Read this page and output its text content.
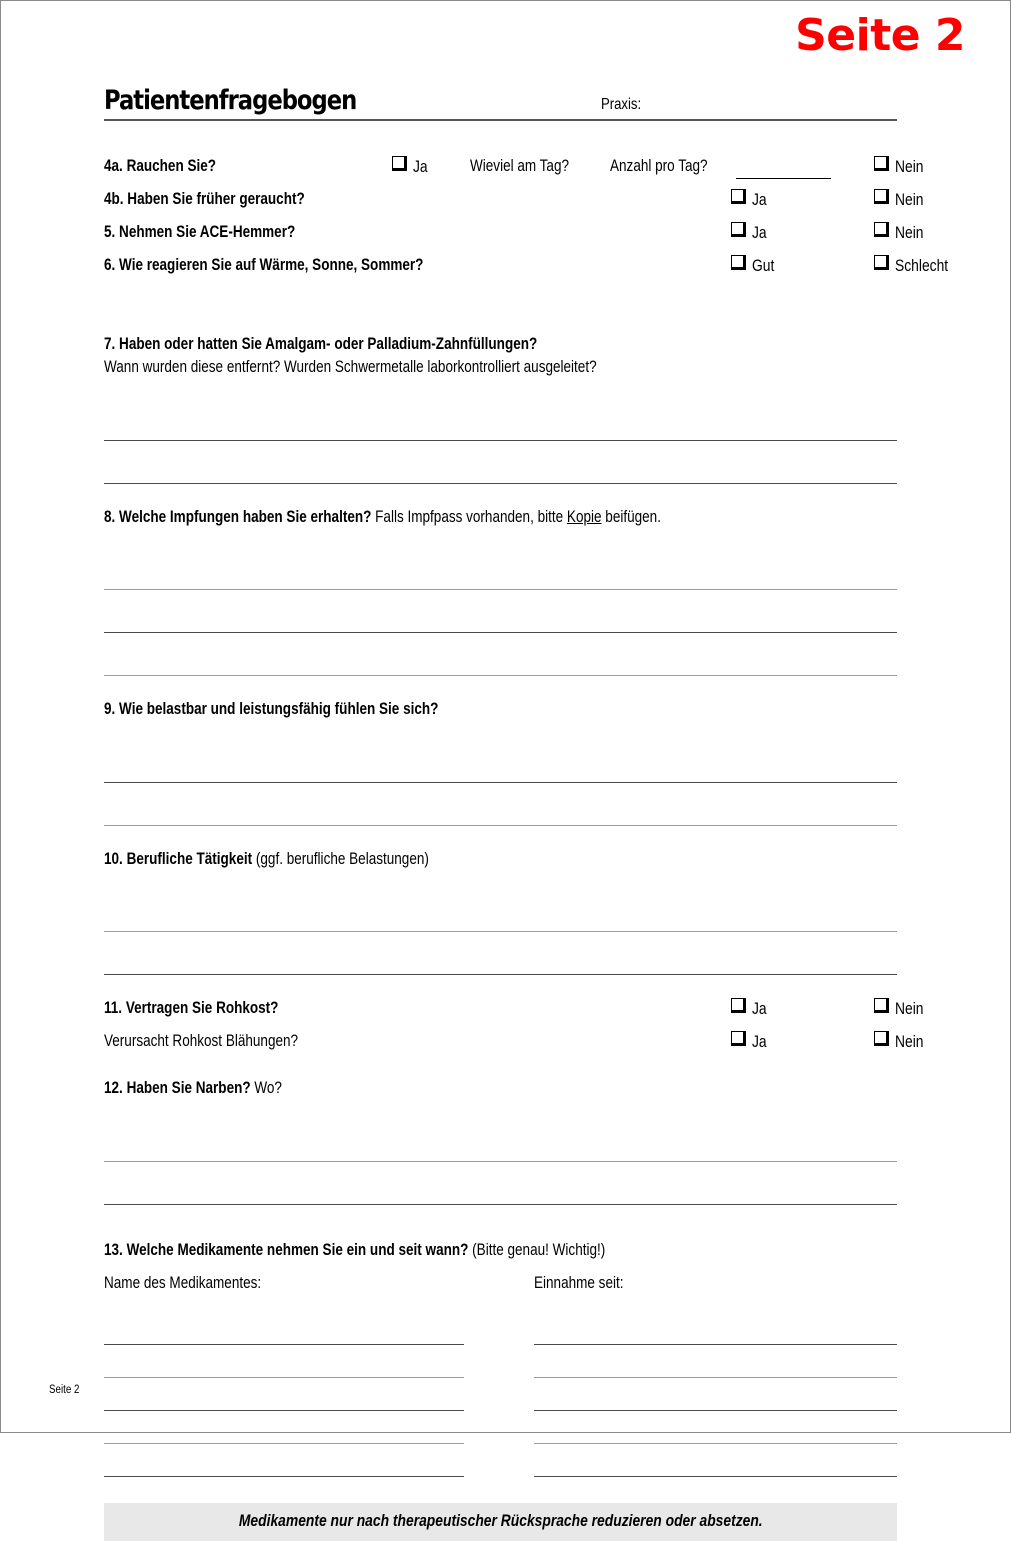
Seite 2
Patientenfragebogen	Praxis:
4a. Rauchen Sie?	Ja	Wieviel am Tag?	Anzahl pro Tag?	Nein
4b. Haben Sie früher geraucht?	Ja	Nein
5. Nehmen Sie ACE-Hemmer?	Ja	Nein
6. Wie reagieren Sie auf Wärme, Sonne, Sommer?	Gut	Schlecht
7. Haben oder hatten Sie Amalgam- oder Palladium-Zahnfüllungen?
Wann wurden diese entfernt? Wurden Schwermetalle laborkontrolliert ausgeleitet?
8. Welche Impfungen haben Sie erhalten? Falls Impfpass vorhanden, bitte Kopie beifügen.
9. Wie belastbar und leistungsfähig fühlen Sie sich?
10. Berufliche Tätigkeit (ggf. berufliche Belastungen)
11. Vertragen Sie Rohkost?	Ja	Nein
Verursacht Rohkost Blähungen?	Ja	Nein
12. Haben Sie Narben? Wo?
13. Welche Medikamente nehmen Sie ein und seit wann? (Bitte genau! Wichtig!)
Name des Medikamentes:	Einnahme seit:
Medikamente nur nach therapeutischer Rücksprache reduzieren oder absetzen.
Seite 2
